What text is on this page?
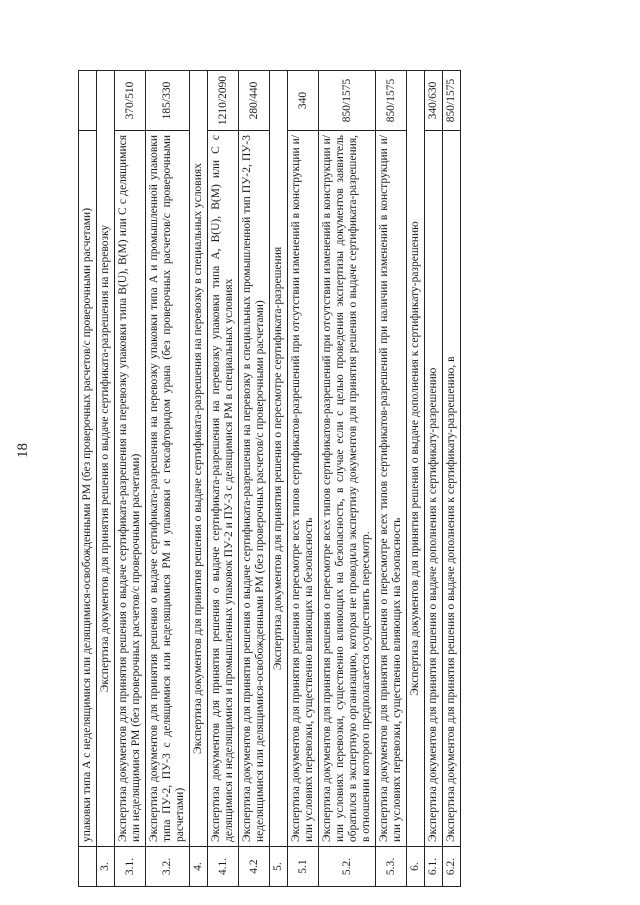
18
		упаковки типа А с неделящимися или делящимися-освобожденными РМ (без проверочных расчетов/с проверочными расчетами)	
3.	Экспертиза документов для принятия решения о выдаче сертификата-разрешения на перевозку	
3.1.	Экспертиза документов для принятия решения о выдаче сертификата-разрешения на перевозку упаковки типа В(U), В(М) или С с делящимися или неделящимися РМ (без проверочных расчетов/с проверочными расчетами)	370/510
3.2.	Экспертиза документов для принятия решения о выдаче сертификата-разрешения на перевозку упаковки типа А и промышленной упаковки типа ПУ-2, ПУ-3 с делящимися или неделящимися РМ и упаковки с гексафторидом урана (без проверочных расчетов/с проверочными расчетами)	185/330
4.	Экспертиза документов для принятия решения о выдаче сертификата-разрешения на перевозку в специальных условиях	
4.1.	Экспертиза документов для принятия решения о выдаче сертификата-разрешения на перевозку упаковки типа А, В(U), В(М) или С с делящимися и неделящимися и промышленных упаковок ПУ-2 и ПУ-3 с делящимися РМ в специальных условиях	1210/2090
4.2	Экспертиза документов для принятия решения о выдаче сертификата-разрешения на перевозку в специальных промышленной тип ПУ-2, ПУ-3 неделящимися или делящимися-освобожденными РМ (без проверочных расчетов/с проверочными расчетами)	280/440
5.	Экспертиза документов для принятия решения о пересмотре сертификата-разрешения	
5.1	Экспертиза документов для принятия решения о пересмотре всех типов сертификатов-разрешений при отсутствии изменений в конструкции и/или условиях перевозки, существенно влияющих на безопасность	340
5.2.	Экспертиза документов для принятия решения о пересмотре всех типов сертификатов-разрешений при отсутствии изменений в конструкции и/или условиях перевозки, существенно влияющих на безопасность, в случае если с целью проведения экспертизы документов заявитель обратился в экспертную организацию, которая не проводила экспертизу документов для принятия решения о выдаче сертификата-разрешения, в отношении которого предполагается осуществить пересмотр.	850/1575
5.3.	Экспертиза документов для принятия решения о пересмотре всех типов сертификатов-разрешений при наличии изменений в конструкции и/или условиях перевозки, существенно влияющих на безопасность	850/1575
6.	Экспертиза документов для принятия решения о выдаче дополнения к сертификату-разрешению	
6.1.	Экспертиза документов для принятия решения о выдаче дополнения к сертификату-разрешению	340/630
6.2.	Экспертиза документов для принятия решения о выдаче дополнения к сертификату-разрешению, в	850/1575
